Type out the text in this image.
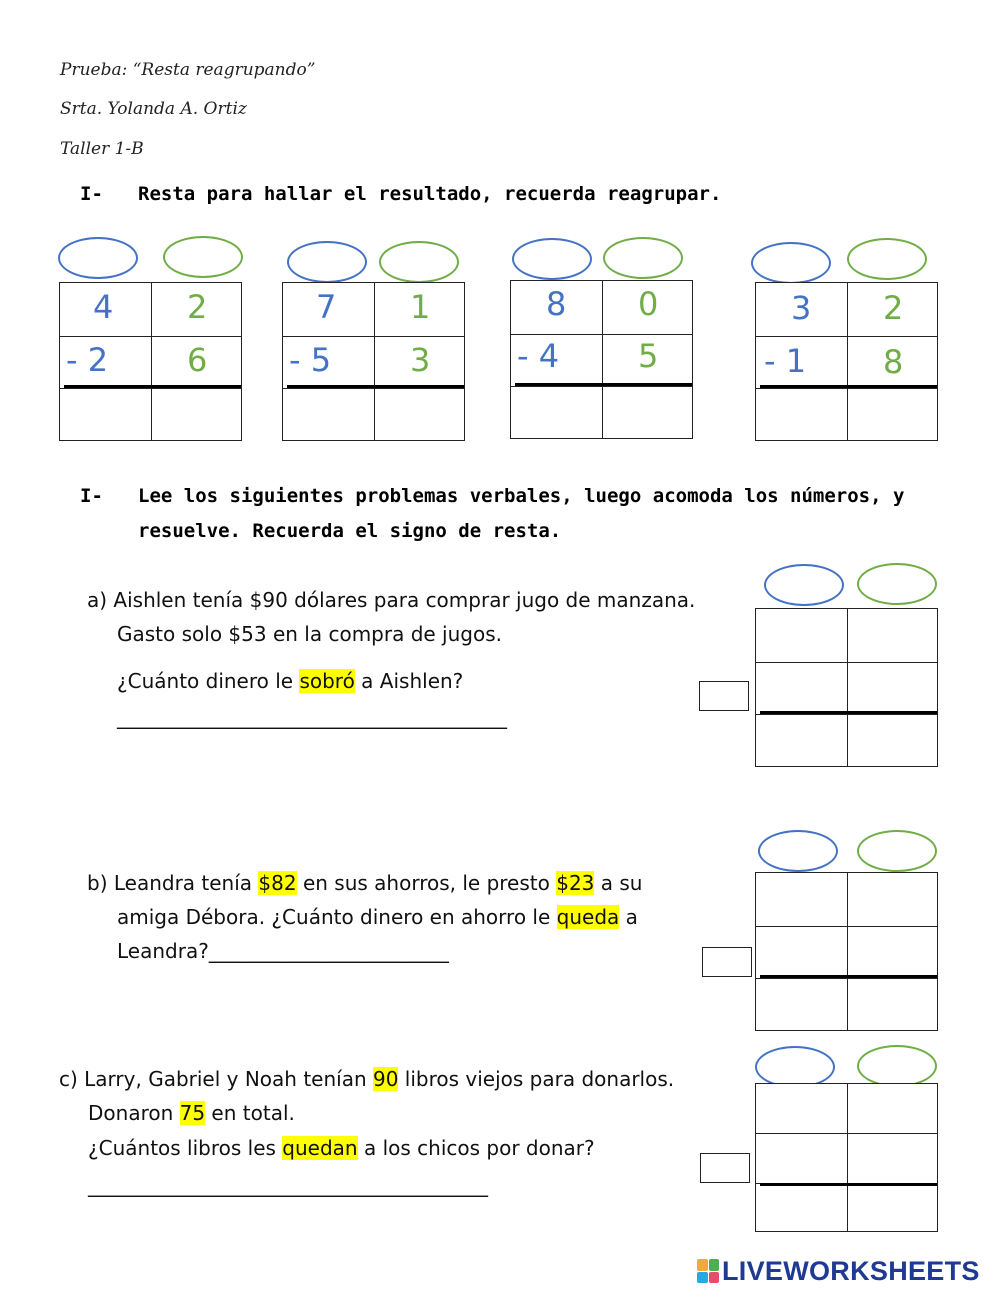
Prueba: “Resta reagrupando”
Srta. Yolanda A. Ortiz
Taller 1-B
I- Resta para hallar el resultado, recuerda reagrupar.
4 2
- 2 6
7 1
- 5 3
8 0
- 4 5
3 2
- 1 8
I- Lee los siguientes problemas verbales, luego acomoda los números, y
resuelve. Recuerda el signo de resta.
a) Aishlen tenía $90 dólares para comprar jugo de manzana.
Gasto solo $53 en la compra de jugos.
¿Cuánto dinero le sobró a Aishlen?
_______________________________________
b) Leandra tenía $82 en sus ahorros, le presto $23 a su
amiga Débora. ¿Cuánto dinero en ahorro le queda a
Leandra?________________________
c) Larry, Gabriel y Noah tenían 90 libros viejos para donarlos.
Donaron 75 en total.
¿Cuántos libros les quedan a los chicos por donar?
________________________________________
LIVEWORKSHEETS
